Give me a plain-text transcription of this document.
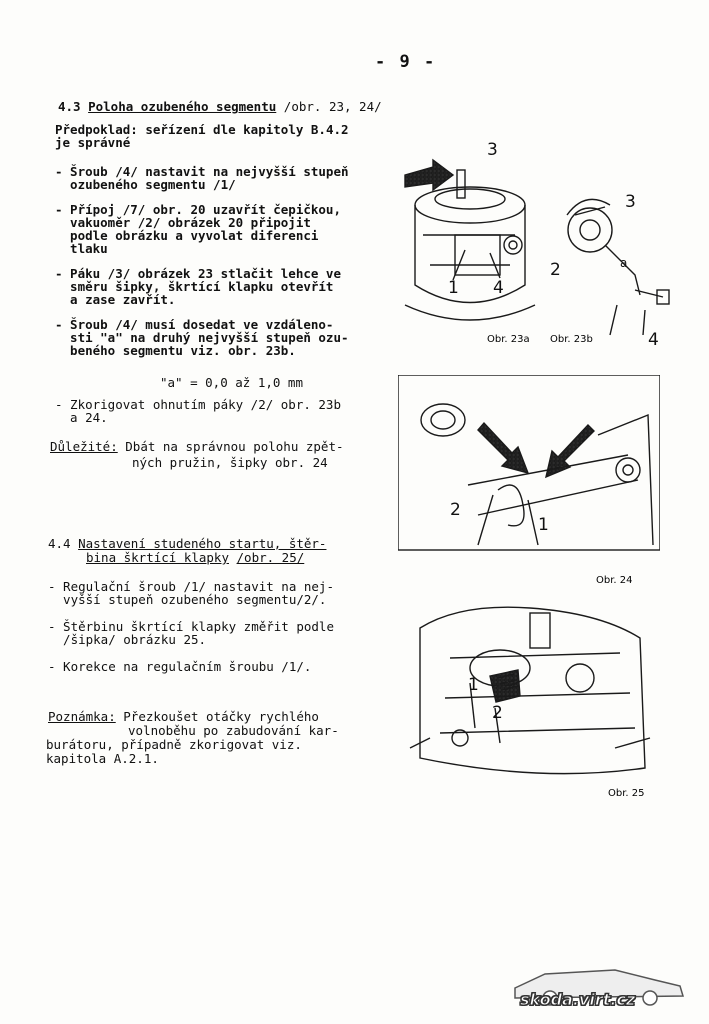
- 9 -
4.3 Poloha ozubeného segmentu /obr. 23, 24/
Předpoklad: seřízení dle kapitoly B.4.2
je správné
- Šroub /4/ nastavit na nejvyšší stupeň
ozubeného segmentu /1/
- Přípoj /7/ obr. 20 uzavřít čepičkou,
vakuoměr /2/ obrázek 20 připojit
podle obrázku a vyvolat diferenci
tlaku
- Páku /3/ obrázek 23 stlačit lehce ve
směru šipky, škrtící klapku otevřít
a zase zavřít.
- Šroub /4/ musí dosedat ve vzdáleno-
sti "a" na druhý nejvyšší stupeň ozu-
beného segmentu viz. obr. 23b.
"a" = 0,0 až 1,0 mm
- Zkorigovat ohnutím páky /2/ obr. 23b
a 24.
Důležité: Dbát na správnou polohu zpět-
ných pružin, šipky obr. 24
4.4 Nastavení studeného startu, štěr-
bina škrtící klapky /obr. 25/
- Regulační šroub /1/ nastavit na nej-
vyšší stupeň ozubeného segmentu/2/.
- Štěrbinu škrtící klapky změřit podle
/šipka/ obrázku 25.
- Korekce na regulačním šroubu /1/.
Poznámka: Přezkoušet otáčky rychlého
volnoběhu po zabudování kar-
burátoru, případně zkorigovat viz.
kapitola A.2.1.
3
1 4
Obr. 23a
3
2	a
4
Obr. 23b
2
1
Obr. 24
1
2
Obr. 25
skoda.virt.cz
